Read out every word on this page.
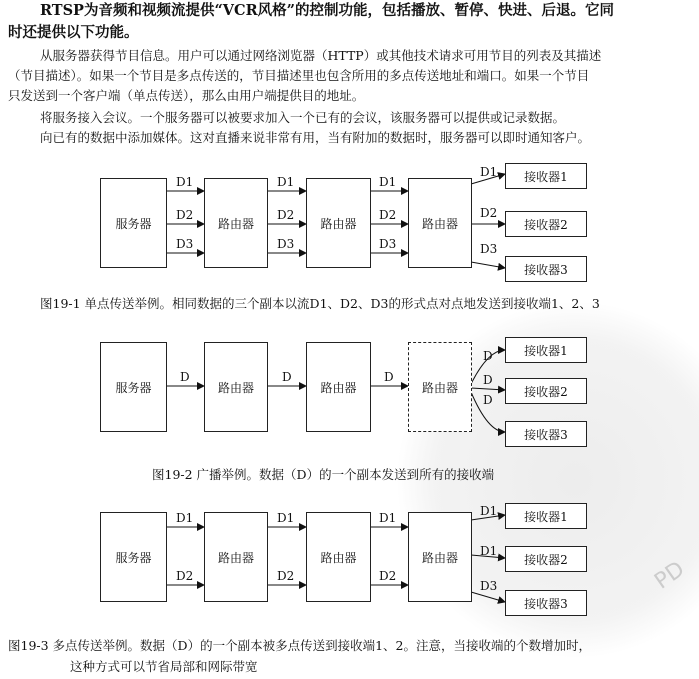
PD
RTSP为音频和视频流提供“VCR风格”的控制功能，包括播放、暂停、快进、后退。它同
时还提供以下功能。
从服务器获得节目信息。用户可以通过网络浏览器（HTTP）或其他技术请求可用节目的列表及其描述
（节目描述）。如果一个节目是多点传送的，节目描述里也包含所用的多点传送地址和端口。如果一个节目
只发送到一个客户端（单点传送），那么由用户端提供目的地址。
将服务接入会议。一个服务器可以被要求加入一个已有的会议，该服务器可以提供或记录数据。
向已有的数据中添加媒体。这对直播来说非常有用，当有附加的数据时，服务器可以即时通知客户。
服务器	路由器	路由器	路由器
接收器1
接收器2
接收器3
D1
D2
D3
D1
D2
D3
D1
D2
D3
D1
D2
D3
图19-1 单点传送举例。相同数据的三个副本以流D1、D2、D3的形式点对点地发送到接收端1、2、3
服务器	路由器	路由器	路由器
接收器1
接收器2
接收器3
D	D	D
D
D
D
图19-2 广播举例。数据（D）的一个副本发送到所有的接收端
服务器	路由器	路由器	路由器
接收器1
接收器2
接收器3
D1
D2
D1
D2
D1
D2
D1
D1
D3
图19-3 多点传送举例。数据（D）的一个副本被多点传送到接收端1、2。注意，当接收端的个数增加时，
这种方式可以节省局部和网际带宽
